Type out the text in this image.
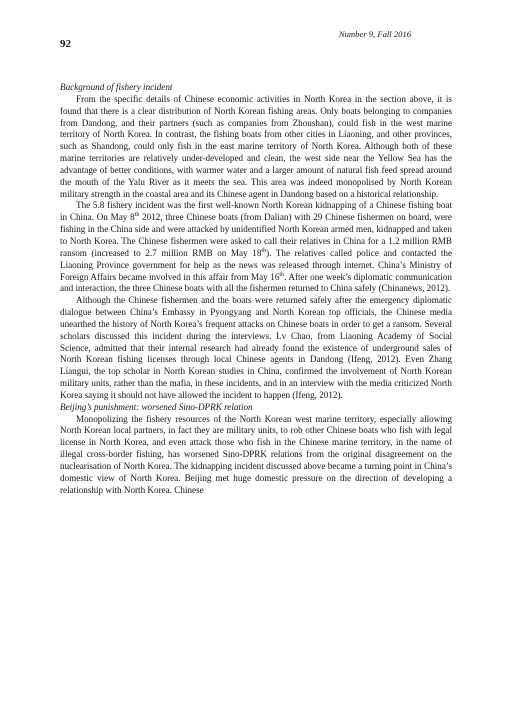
Number 9, Fall 2016
92
Background of fishery incident

From the specific details of Chinese economic activities in North Korea in the section above, it is found that there is a clear distribution of North Korean fishing areas. Only boats belonging to companies from Dandong, and their partners (such as companies from Zhoushan), could fish in the west marine territory of North Korea. In contrast, the fishing boats from other cities in Liaoning, and other provinces, such as Shandong, could only fish in the east marine territory of North Korea. Although both of these marine territories are relatively under-developed and clean, the west side near the Yellow Sea has the advantage of better conditions, with warmer water and a larger amount of natural fish feed spread around the mouth of the Yalu River as it meets the sea. This area was indeed monopolised by North Korean military strength in the coastal area and its Chinese agent in Dandong based on a historical relationship.

The 5.8 fishery incident was the first well-known North Korean kidnapping of a Chinese fishing boat in China. On May 8th 2012, three Chinese boats (from Dalian) with 29 Chinese fishermen on board, were fishing in the China side and were attacked by unidentified North Korean armed men, kidnapped and taken to North Korea. The Chinese fishermen were asked to call their relatives in China for a 1.2 million RMB ransom (increased to 2.7 million RMB on May 18th). The relatives called police and contacted the Liaoning Province government for help as the news was released through internet. China’s Ministry of Foreign Affairs became involved in this affair from May 16th. After one week’s diplomatic communication and interaction, the three Chinese boats with all the fishermen returned to China safely (Chinanews, 2012).

Although the Chinese fishermen and the boats were returned safely after the emergency diplomatic dialogue between China’s Embassy in Pyongyang and North Korean top officials, the Chinese media unearthed the history of North Korea’s frequent attacks on Chinese boats in order to get a ransom. Several scholars discussed this incident during the interviews. Lv Chao, from Liaoning Academy of Social Science, admitted that their internal research had already found the existence of underground sales of North Korean fishing licenses through local Chinese agents in Dandong (Ifeng, 2012). Even Zhang Liangui, the top scholar in North Korean studies in China, confirmed the involvement of North Korean military units, rather than the mafia, in these incidents, and in an interview with the media criticized North Korea saying it should not have allowed the incident to happen (Ifeng, 2012).

Beijing’s punishment: worsened Sino-DPRK relation

Monopolizing the fishery resources of the North Korean west marine territory, especially allowing North Korean local partners, in fact they are military units, to rob other Chinese boats who fish with legal license in North Korea, and even attack those who fish in the Chinese marine territory, in the name of illegal cross-border fishing, has worsened Sino-DPRK relations from the original disagreement on the nuclearisation of North Korea. The kidnapping incident discussed above became a turning point in China’s domestic view of North Korea. Beijing met huge domestic pressure on the direction of developing a relationship with North Korea. Chinese
